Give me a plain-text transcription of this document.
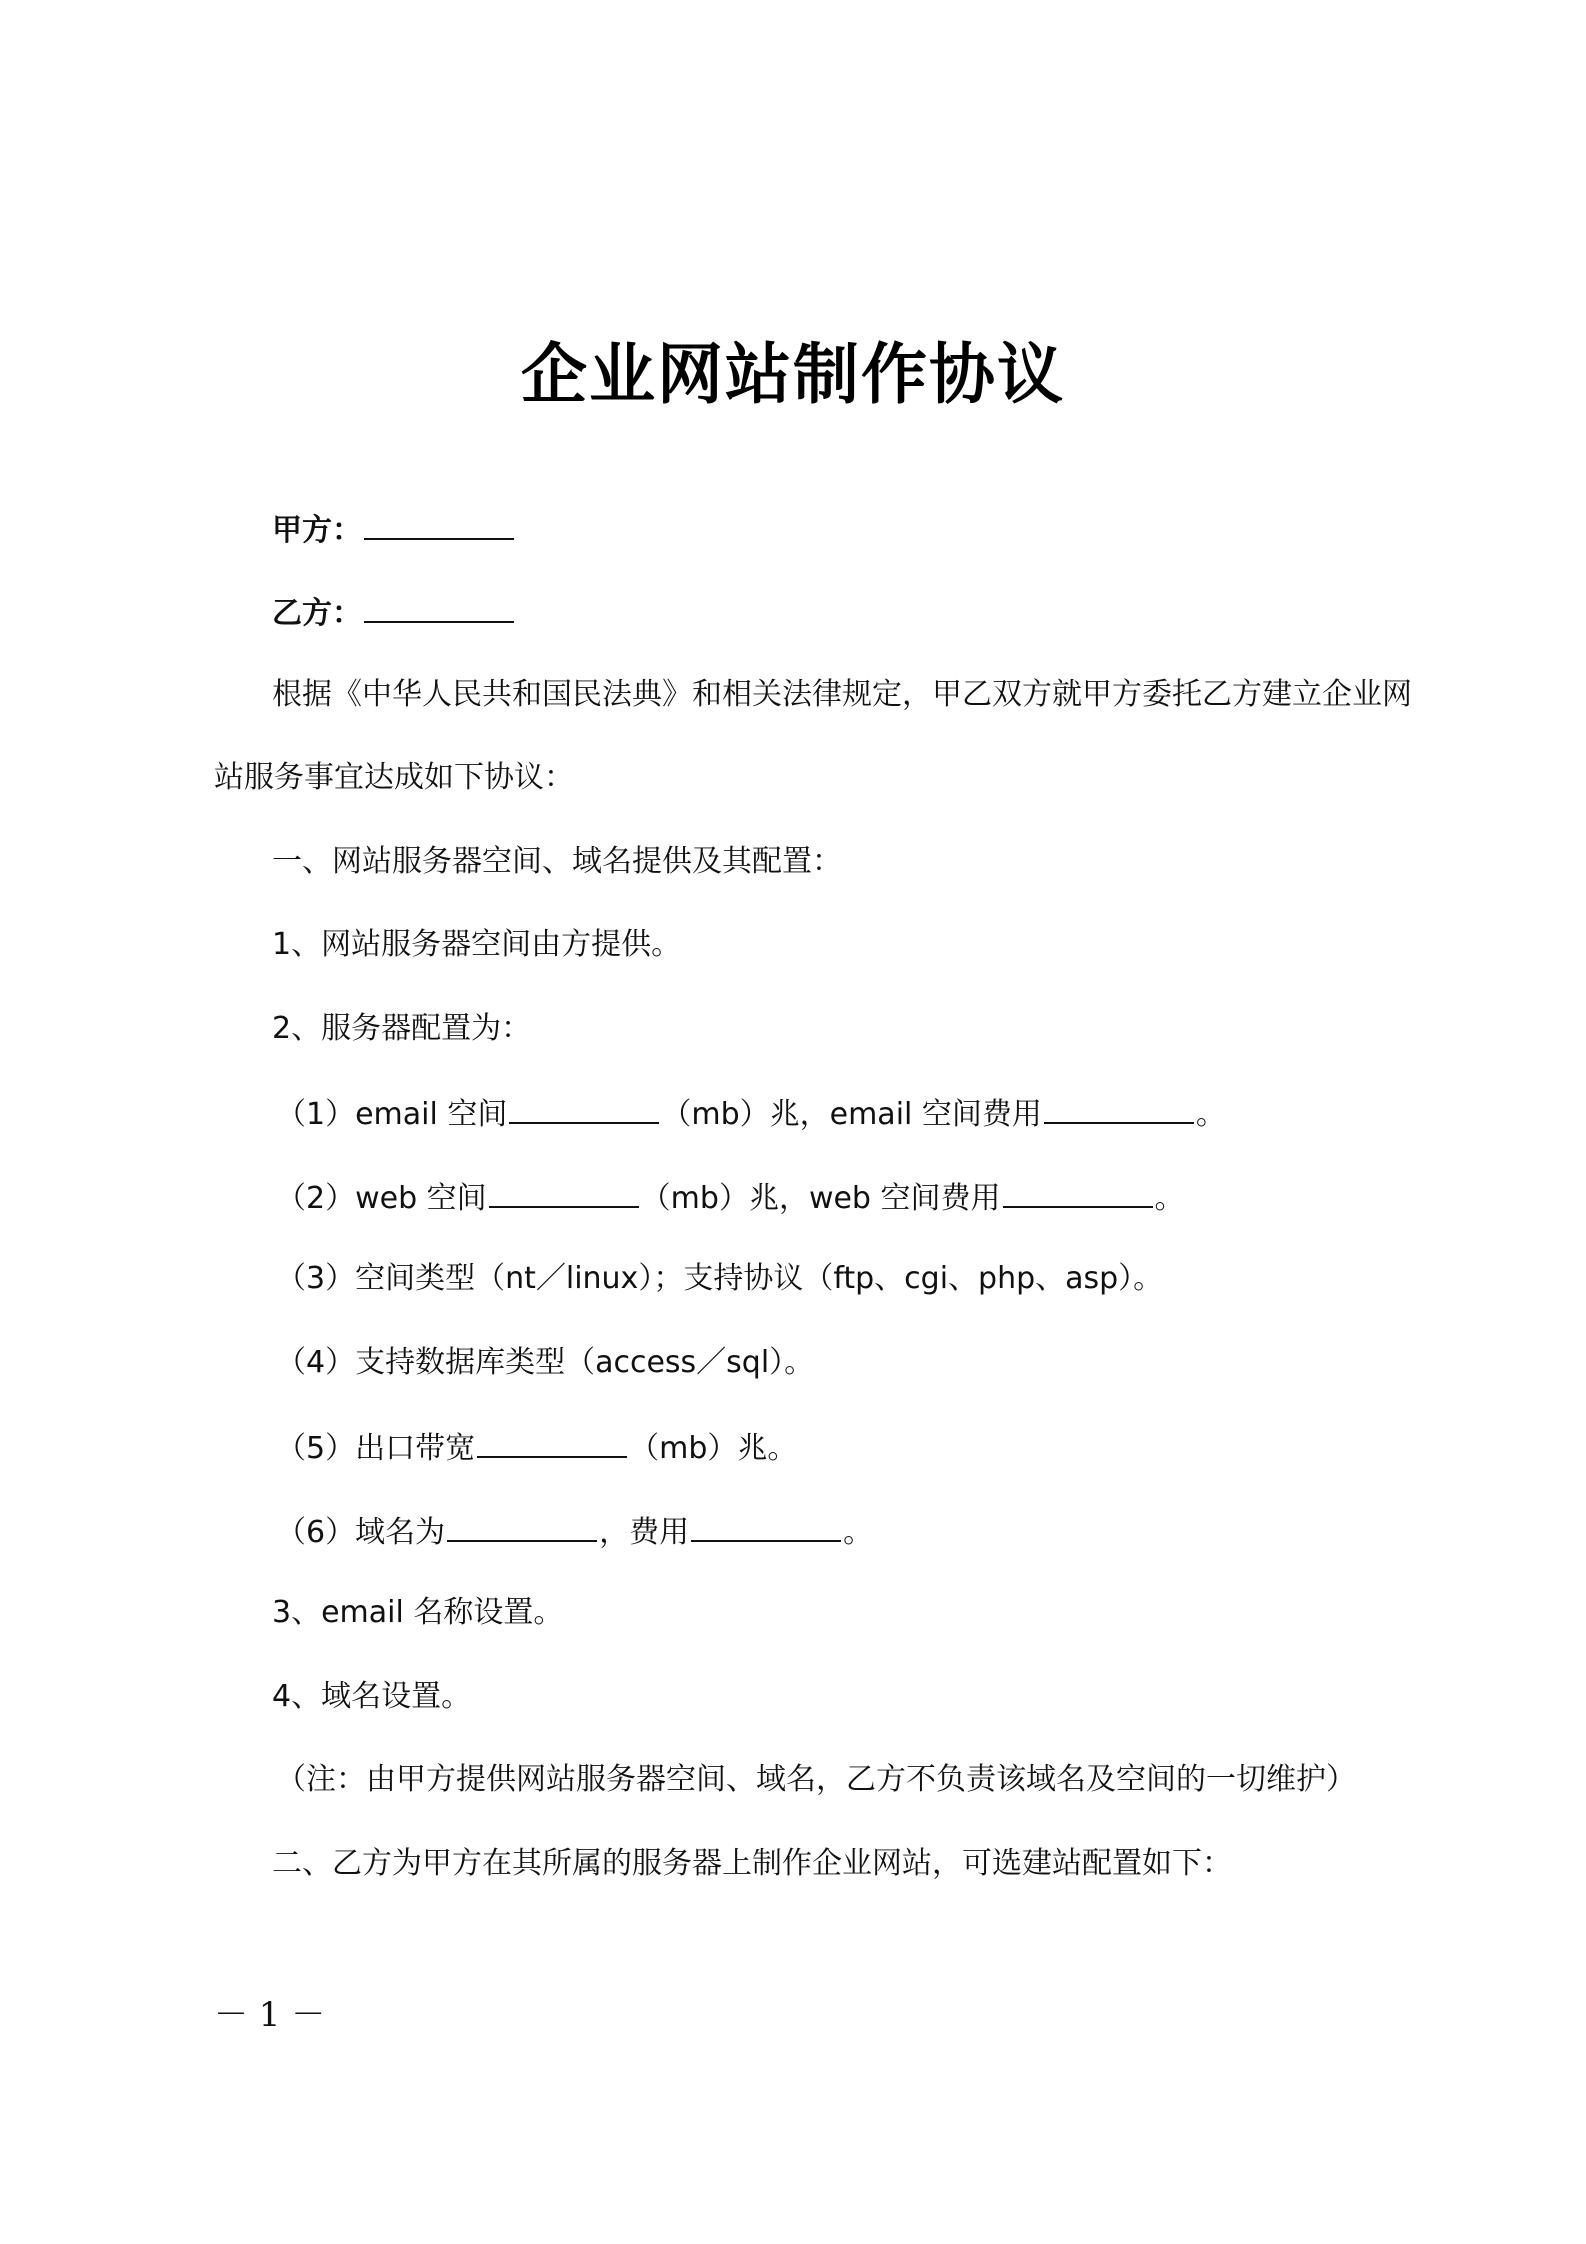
企业网站制作协议
甲方：
乙方：
根据《中华人民共和国民法典》和相关法律规定，甲乙双方就甲方委托乙方建立企业网
站服务事宜达成如下协议：
一、网站服务器空间、域名提供及其配置：
1、网站服务器空间由方提供。
2、服务器配置为：
（1）email 空间	（mb）兆，email 空间费用	。
（2）web 空间	（mb）兆，web 空间费用	。
（3）空间类型（nt／linux）；支持协议（ftp、cgi、php、asp）。
（4）支持数据库类型（access／sql）。
（5）出口带宽	（mb）兆。
（6）域名为	，费用	。
3、email 名称设置。
4、域名设置。
（注：由甲方提供网站服务器空间、域名，乙方不负责该域名及空间的一切维护）
二、乙方为甲方在其所属的服务器上制作企业网站，可选建站配置如下：
－ 1 －
